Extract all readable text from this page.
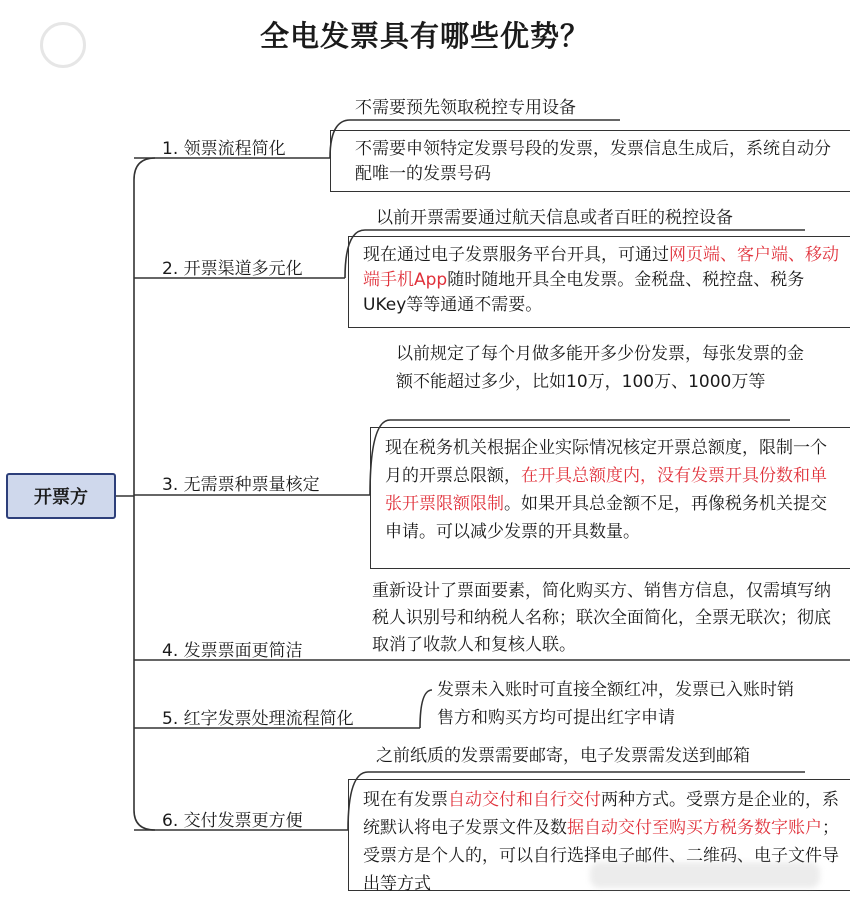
全电发票具有哪些优势？
开票方
1. 领票流程简化
不需要预先领取税控专用设备
不需要申领特定发票号段的发票，发票信息生成后，系统自动分配唯一的发票号码
2. 开票渠道多元化
以前开票需要通过航天信息或者百旺的税控设备
现在通过电子发票服务平台开具，可通过网页端、客户端、移动端手机App随时随地开具全电发票。金税盘、税控盘、税务UKey等等通通不需要。
3. 无需票种票量核定
以前规定了每个月做多能开多少份发票，每张发票的金额不能超过多少，比如10万，100万、1000万等
现在税务机关根据企业实际情况核定开票总额度，限制一个月的开票总限额，在开具总额度内，没有发票开具份数和单张开票限额限制。如果开具总金额不足，再像税务机关提交申请。可以减少发票的开具数量。
4. 发票票面更简洁
重新设计了票面要素，简化购买方、销售方信息，仅需填写纳税人识别号和纳税人名称；联次全面简化，全票无联次；彻底取消了收款人和复核人联。
5. 红字发票处理流程简化
发票未入账时可直接全额红冲，发票已入账时销售方和购买方均可提出红字申请
6. 交付发票更方便
之前纸质的发票需要邮寄，电子发票需发送到邮箱
现在有发票自动交付和自行交付两种方式。受票方是企业的，系统默认将电子发票文件及数据自动交付至购买方税务数字账户；受票方是个人的，可以自行选择电子邮件、二维码、电子文件导出等方式
